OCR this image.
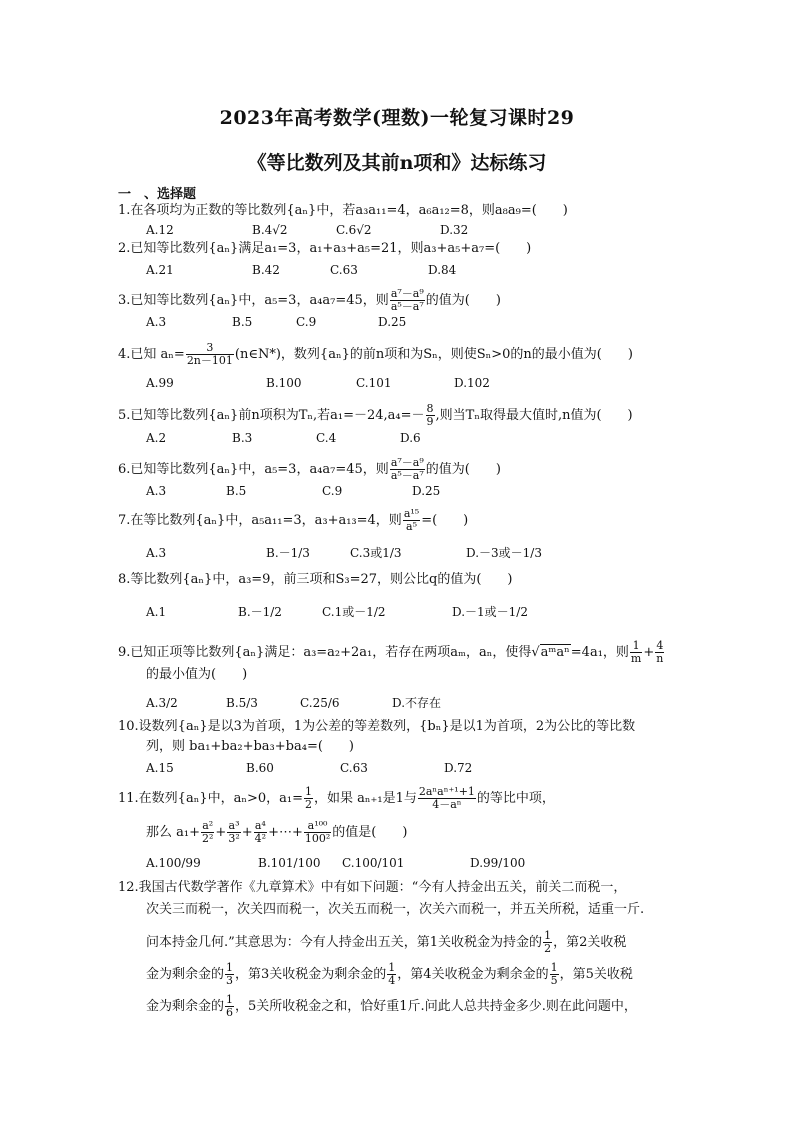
2023年高考数学(理数)一轮复习课时29
《等比数列及其前n项和》达标练习
一　、选择题
1.在各项均为正数的等比数列{aₙ}中，若a₃a₁₁=4，a₆a₁₂=8，则a₈a₉=(　　)
A.12	B.4√2	C.6√2	D.32
2.已知等比数列{aₙ}满足a₁=3，a₁+a₃+a₅=21，则a₃+a₅+a₇=(　　)
A.21	B.42	C.63	D.84
3.已知等比数列{aₙ}中，a₅=3，a₄a₇=45，则 $\frac{\text{a⁷－a⁹}}{\text{a⁵－a⁷}}$ 的值为(　　)
A.3	B.5	C.9	D.25
4.已知 $a_n= \frac{3}{2n-101}$ (n∈N*)，数列{aₙ}的前n项和为Sₙ，则使Sₙ>0的n的最小值为(　　)
A.99	B.100	C.101	D.102
5.已知等比数列{aₙ}前n项积为Tₙ,若$a_1=-24,a_4=- \frac{8}{9}$ ,则当Tₙ取得最大值时,n值为(　　)
A.2	B.3	C.4	D.6
6.已知等比数列{aₙ}中，a₅=3，a₄a₇=45，则 $\frac{\text{a⁷－a⁹}}{\text{a⁵－a⁷}}$ 的值为(　　)
A.3	B.5	C.9	D.25
7.在等比数列{aₙ}中，a₅a₁₁=3，a₃+a₁₃=4，则 $\frac{\text{a¹⁵}}{\text{a⁵}}$ =(　　)
A.3	B.－1/3	C.3或1/3	D.－3或－1/3
8.等比数列{aₙ}中，a₃=9，前三项和S₃=27，则公比q的值为(　　)
A.1	B.－1/2	C.1或－1/2	D.－1或－1/2
9.已知正项等比数列{aₙ}满足：a₃=a₂+2a₁，若存在两项aₘ，aₙ，使得√aᵐaⁿ=4a₁，则 $\frac{1}{m} + \frac{4}{n}$
的最小值为(　　)
A.3/2	B.5/3	C.25/6	D.不存在
10.设数列{aₙ}是以3为首项，1为公差的等差数列，{bₙ}是以1为首项，2为公比的等比数
列，则 ba₁+ba₂+ba₃+ba₄=(　　)
A.15	B.60	C.63	D.72
11.在数列{aₙ}中，aₙ>0，$a_1= \frac{1}{2}$ ，如果 aₙ₊₁是1与 2aⁿaⁿ⁺¹+1
4－aⁿ	的等比中项，
那么 $a_1+ \frac{\text{a²}}{\text{2²}} + \frac{\text{a³}}{\text{3²}} + \frac{\text{a⁴}}{\text{4²}}$ +⋯+ $\frac{\text{a¹⁰⁰}}{\text{100²}}$ 的值是(　　)
A.100/99	B.101/100 C.100/101	D.99/100
12.我国古代数学著作《九章算术》中有如下问题：“今有人持金出五关，前关二而税一，
次关三而税一，次关四而税一，次关五而税一，次关六而税一，并五关所税，适重一斤.
问本持金几何.”其意思为：今有人持金出五关，第1关收税金为持金的 $\frac{1}{2}$ ，第2关收税
金为剩余金的 $\frac{1}{3}$ ，第3关收税金为剩余金的 $\frac{1}{4}$ ，第4关收税金为剩余金的 $\frac{1}{5}$ ，第5关收税
金为剩余金的 $\frac{1}{6}$ ，5关所收税金之和，恰好重1斤.问此人总共持金多少.则在此问题中，
